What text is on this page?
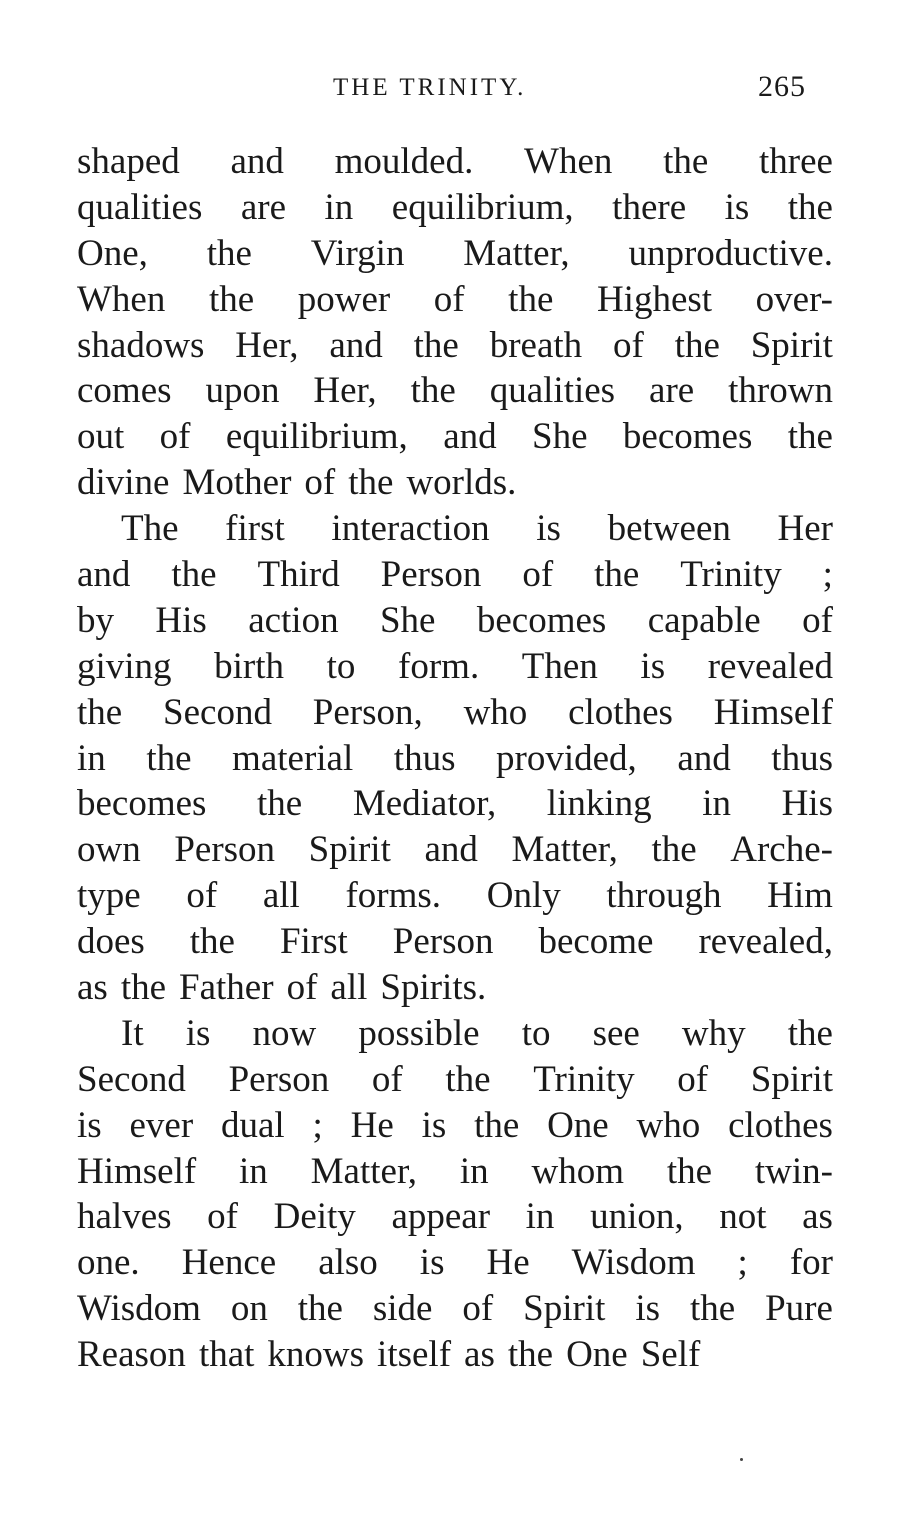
THE TRINITY.	265
shaped and moulded. When the three
qualities are in equilibrium, there is the
One, the Virgin Matter, unproductive.
When the power of the Highest over-
shadows Her, and the breath of the Spirit
comes upon Her, the qualities are thrown
out of equilibrium, and She becomes the
divine Mother of the worlds.
The first interaction is between Her
and the Third Person of the Trinity ;
by His action She becomes capable of
giving birth to form. Then is revealed
the Second Person, who clothes Himself
in the material thus provided, and thus
becomes the Mediator, linking in His
own Person Spirit and Matter, the Arche-
type of all forms. Only through Him
does the First Person become revealed,
as the Father of all Spirits.
It is now possible to see why the
Second Person of the Trinity of Spirit
is ever dual ; He is the One who clothes
Himself in Matter, in whom the twin-
halves of Deity appear in union, not as
one. Hence also is He Wisdom ; for
Wisdom on the side of Spirit is the Pure
Reason that knows itself as the One Self
